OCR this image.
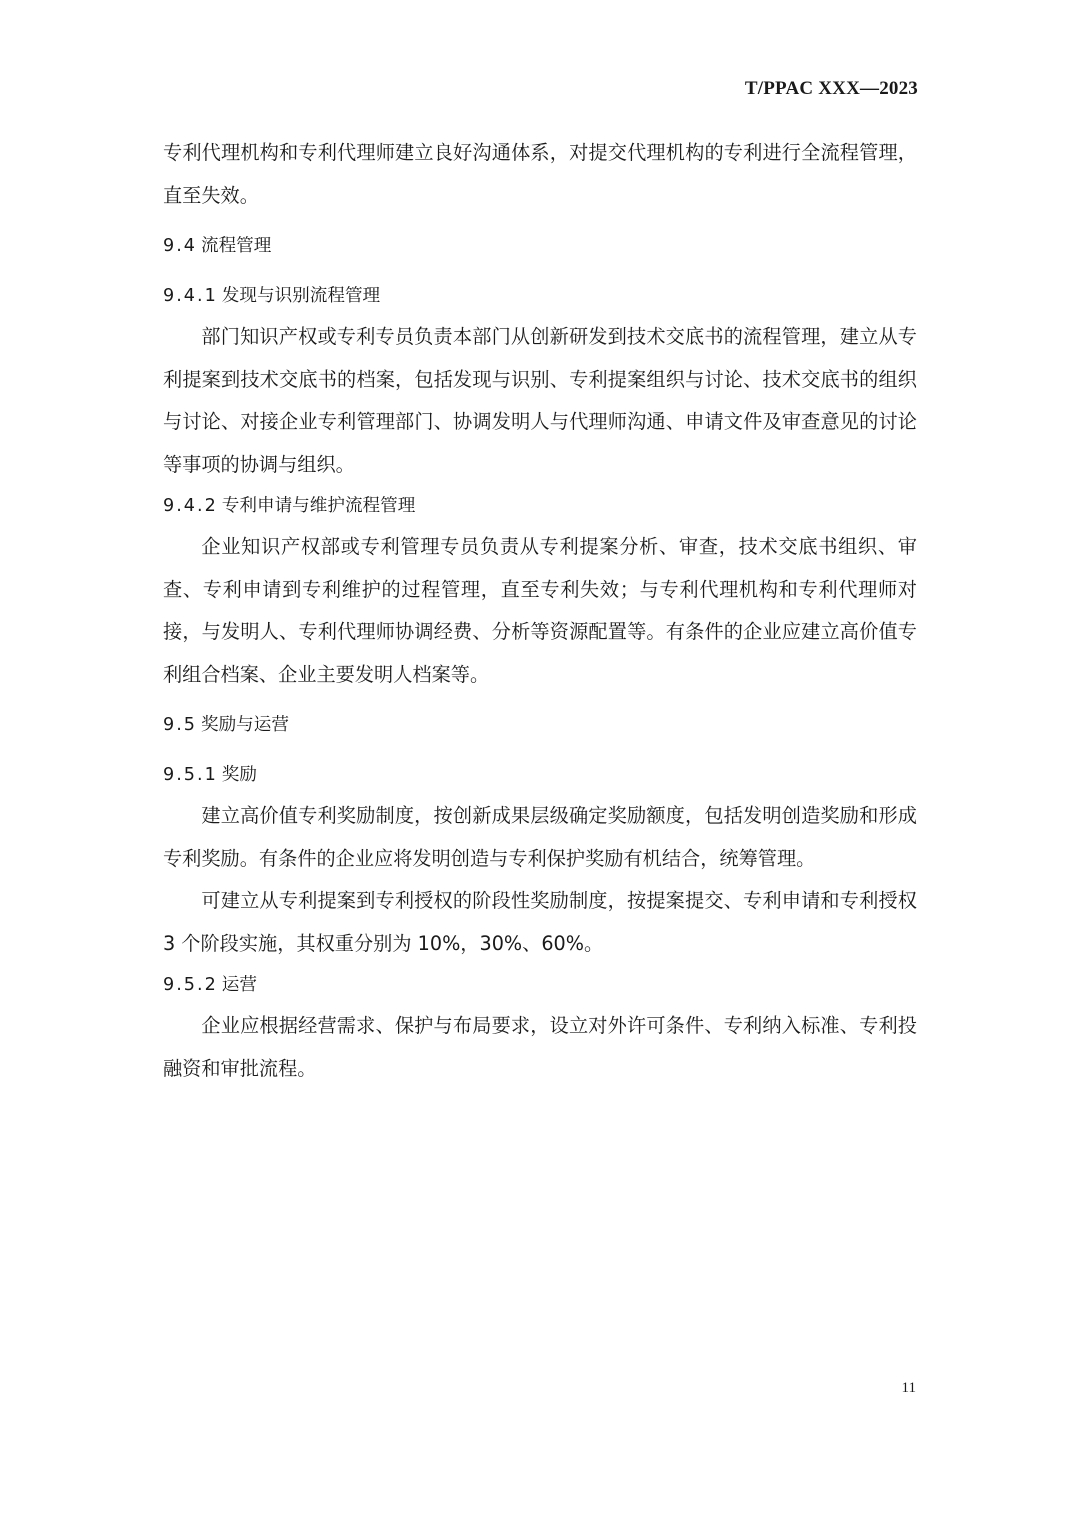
T/PPAC XXX—2023

专利代理机构和专利代理师建立良好沟通体系，对提交代理机构的专利进行全流程管理，直至失效。

9.4 流程管理

9.4.1 发现与识别流程管理

部门知识产权或专利专员负责本部门从创新研发到技术交底书的流程管理，建立从专利提案到技术交底书的档案，包括发现与识别、专利提案组织与讨论、技术交底书的组织与讨论、对接企业专利管理部门、协调发明人与代理师沟通、申请文件及审查意见的讨论等事项的协调与组织。

9.4.2 专利申请与维护流程管理

企业知识产权部或专利管理专员负责从专利提案分析、审查，技术交底书组织、审查、专利申请到专利维护的过程管理，直至专利失效；与专利代理机构和专利代理师对接，与发明人、专利代理师协调经费、分析等资源配置等。有条件的企业应建立高价值专利组合档案、企业主要发明人档案等。

9.5 奖励与运营

9.5.1 奖励

建立高价值专利奖励制度，按创新成果层级确定奖励额度，包括发明创造奖励和形成专利奖励。有条件的企业应将发明创造与专利保护奖励有机结合，统筹管理。

可建立从专利提案到专利授权的阶段性奖励制度，按提案提交、专利申请和专利授权 3 个阶段实施，其权重分别为 10%，30%、60%。

9.5.2 运营

企业应根据经营需求、保护与布局要求，设立对外许可条件、专利纳入标准、专利投融资和审批流程。

11
